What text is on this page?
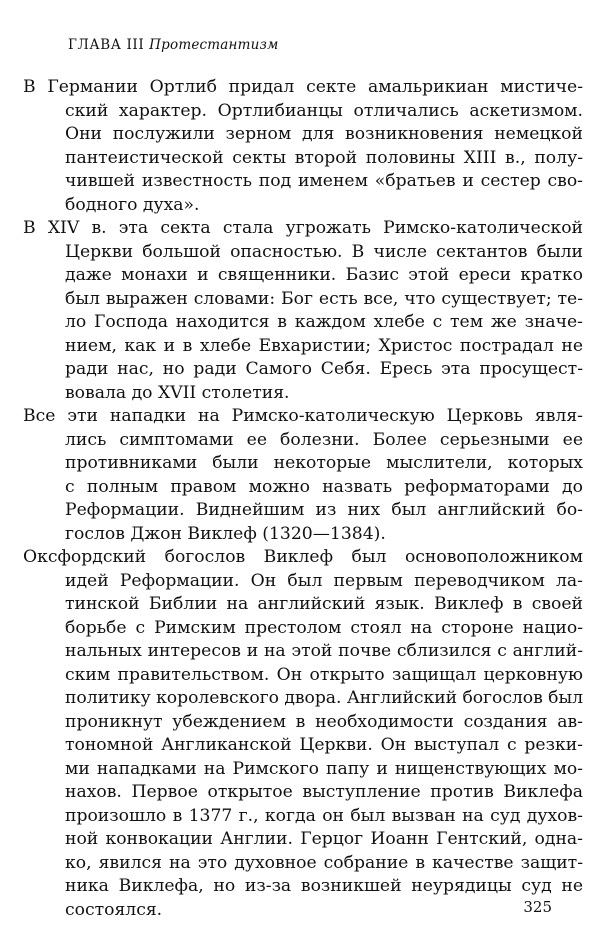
ГЛАВА III Протестантизм
В Германии Ортлиб придал секте амальрикиан мистиче-
ский характер. Ортлибианцы отличались аскетизмом.
Они послужили зерном для возникновения немецкой
пантеистической секты второй половины XIII в., полу-
чившей известность под именем «братьев и сестер сво-
бодного духа».
В XIV в. эта секта стала угрожать Римско-католической
Церкви большой опасностью. В числе сектантов были
даже монахи и священники. Базис этой ереси кратко
был выражен словами: Бог есть все, что существует; те-
ло Господа находится в каждом хлебе с тем же значе-
нием, как и в хлебе Евхаристии; Христос пострадал не
ради нас, но ради Самого Себя. Ересь эта просущест-
вовала до XVII столетия.
Все эти нападки на Римско-католическую Церковь явля-
лись симптомами ее болезни. Более серьезными ее
противниками были некоторые мыслители, которых
с полным правом можно назвать реформаторами до
Реформации. Виднейшим из них был английский бо-
гослов Джон Виклеф (1320—1384).
Оксфордский богослов Виклеф был основоположником
идей Реформации. Он был первым переводчиком ла-
тинской Библии на английский язык. Виклеф в своей
борьбе с Римским престолом стоял на стороне нацио-
нальных интересов и на этой почве сблизился с англий-
ским правительством. Он открыто защищал церковную
политику королевского двора. Английский богослов был
проникнут убеждением в необходимости создания ав-
тономной Англиканской Церкви. Он выступал с резки-
ми нападками на Римского папу и нищенствующих мо-
нахов. Первое открытое выступление против Виклефа
произошло в 1377 г., когда он был вызван на суд духов-
ной конвокации Англии. Герцог Иоанн Гентский, одна-
ко, явился на это духовное собрание в качестве защит-
ника Виклефа, но из-за возникшей неурядицы суд не
состоялся.	325
